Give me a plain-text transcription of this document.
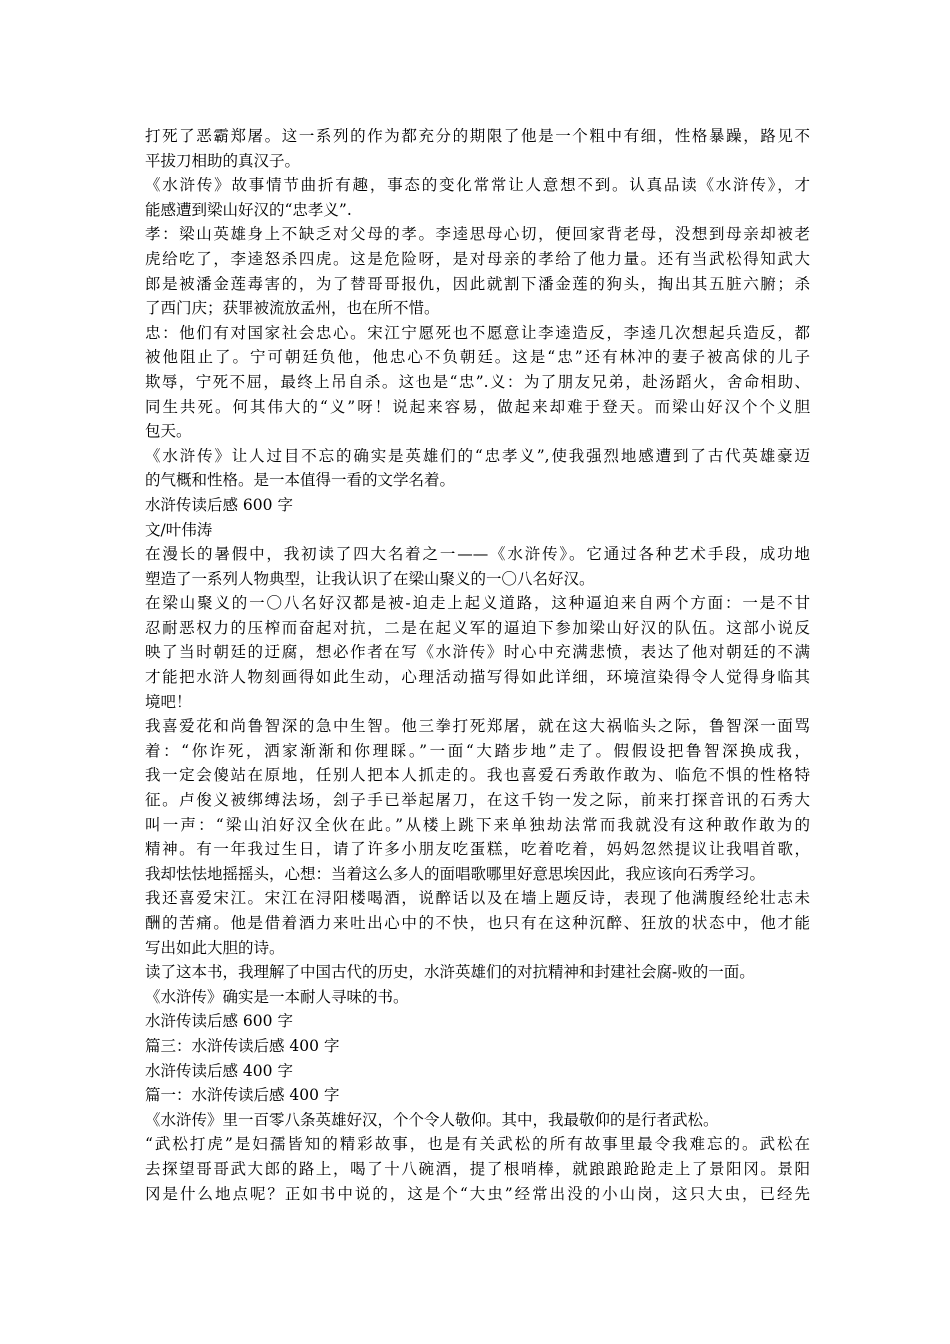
打死了恶霸郑屠。这一系列的作为都充分的期限了他是一个粗中有细，性格暴躁，路见不
平拔刀相助的真汉子。
《水浒传》故事情节曲折有趣，事态的变化常常让人意想不到。认真品读《水浒传》，才
能感遭到梁山好汉的“忠孝义”.
孝：梁山英雄身上不缺乏对父母的孝。李逵思母心切，便回家背老母，没想到母亲却被老
虎给吃了，李逵怒杀四虎。这是危险呀，是对母亲的孝给了他力量。还有当武松得知武大
郎是被潘金莲毒害的，为了替哥哥报仇，因此就割下潘金莲的狗头，掏出其五脏六腑；杀
了西门庆；获罪被流放孟州，也在所不惜。
忠：他们有对国家社会忠心。宋江宁愿死也不愿意让李逵造反，李逵几次想起兵造反，都
被他阻止了。宁可朝廷负他，他忠心不负朝廷。这是“忠”还有林冲的妻子被高俅的儿子
欺辱，宁死不屈，最终上吊自杀。这也是“忠”.义：为了朋友兄弟，赴汤蹈火，舍命相助、
同生共死。何其伟大的“义”呀！说起来容易，做起来却难于登天。而梁山好汉个个义胆
包天。
《水浒传》让人过目不忘的确实是英雄们的“忠孝义”,使我强烈地感遭到了古代英雄豪迈
的气概和性格。是一本值得一看的文学名着。
水浒传读后感 600 字
文/叶伟涛
在漫长的暑假中，我初读了四大名着之一——《水浒传》。它通过各种艺术手段，成功地
塑造了一系列人物典型，让我认识了在梁山聚义的一〇八名好汉。
在梁山聚义的一〇八名好汉都是被-迫走上起义道路，这种逼迫来自两个方面：一是不甘
忍耐恶权力的压榨而奋起对抗，二是在起义军的逼迫下参加梁山好汉的队伍。这部小说反
映了当时朝廷的迂腐，想必作者在写《水浒传》时心中充满悲愤，表达了他对朝廷的不满
才能把水浒人物刻画得如此生动，心理活动描写得如此详细，环境渲染得令人觉得身临其
境吧！
我喜爱花和尚鲁智深的急中生智。他三拳打死郑屠，就在这大祸临头之际，鲁智深一面骂
着：“你诈死，洒家渐渐和你理睬。”一面“大踏步地”走了。假假设把鲁智深换成我，
我一定会傻站在原地，任别人把本人抓走的。我也喜爱石秀敢作敢为、临危不惧的性格特
征。卢俊义被绑缚法场，刽子手已举起屠刀，在这千钧一发之际，前来打探音讯的石秀大
叫一声：“梁山泊好汉全伙在此。”从楼上跳下来单独劫法常而我就没有这种敢作敢为的
精神。有一年我过生日，请了许多小朋友吃蛋糕，吃着吃着，妈妈忽然提议让我唱首歌，
我却怯怯地摇摇头，心想：当着这么多人的面唱歌哪里好意思埃因此，我应该向石秀学习。
我还喜爱宋江。宋江在浔阳楼喝酒，说醉话以及在墙上题反诗，表现了他满腹经纶壮志未
酬的苦痛。他是借着酒力来吐出心中的不快，也只有在这种沉醉、狂放的状态中，他才能
写出如此大胆的诗。
读了这本书，我理解了中国古代的历史，水浒英雄们的对抗精神和封建社会腐-败的一面。
《水浒传》确实是一本耐人寻味的书。
水浒传读后感 600 字
篇三：水浒传读后感 400 字
水浒传读后感 400 字
篇一：水浒传读后感 400 字
《水浒传》里一百零八条英雄好汉，个个令人敬仰。其中，我最敬仰的是行者武松。
“武松打虎”是妇孺皆知的精彩故事，也是有关武松的所有故事里最令我难忘的。武松在
去探望哥哥武大郎的路上，喝了十八碗酒，提了根哨棒，就踉踉跄跄走上了景阳冈。景阳
冈是什么地点呢？正如书中说的，这是个“大虫”经常出没的小山岗，这只大虫，已经先
